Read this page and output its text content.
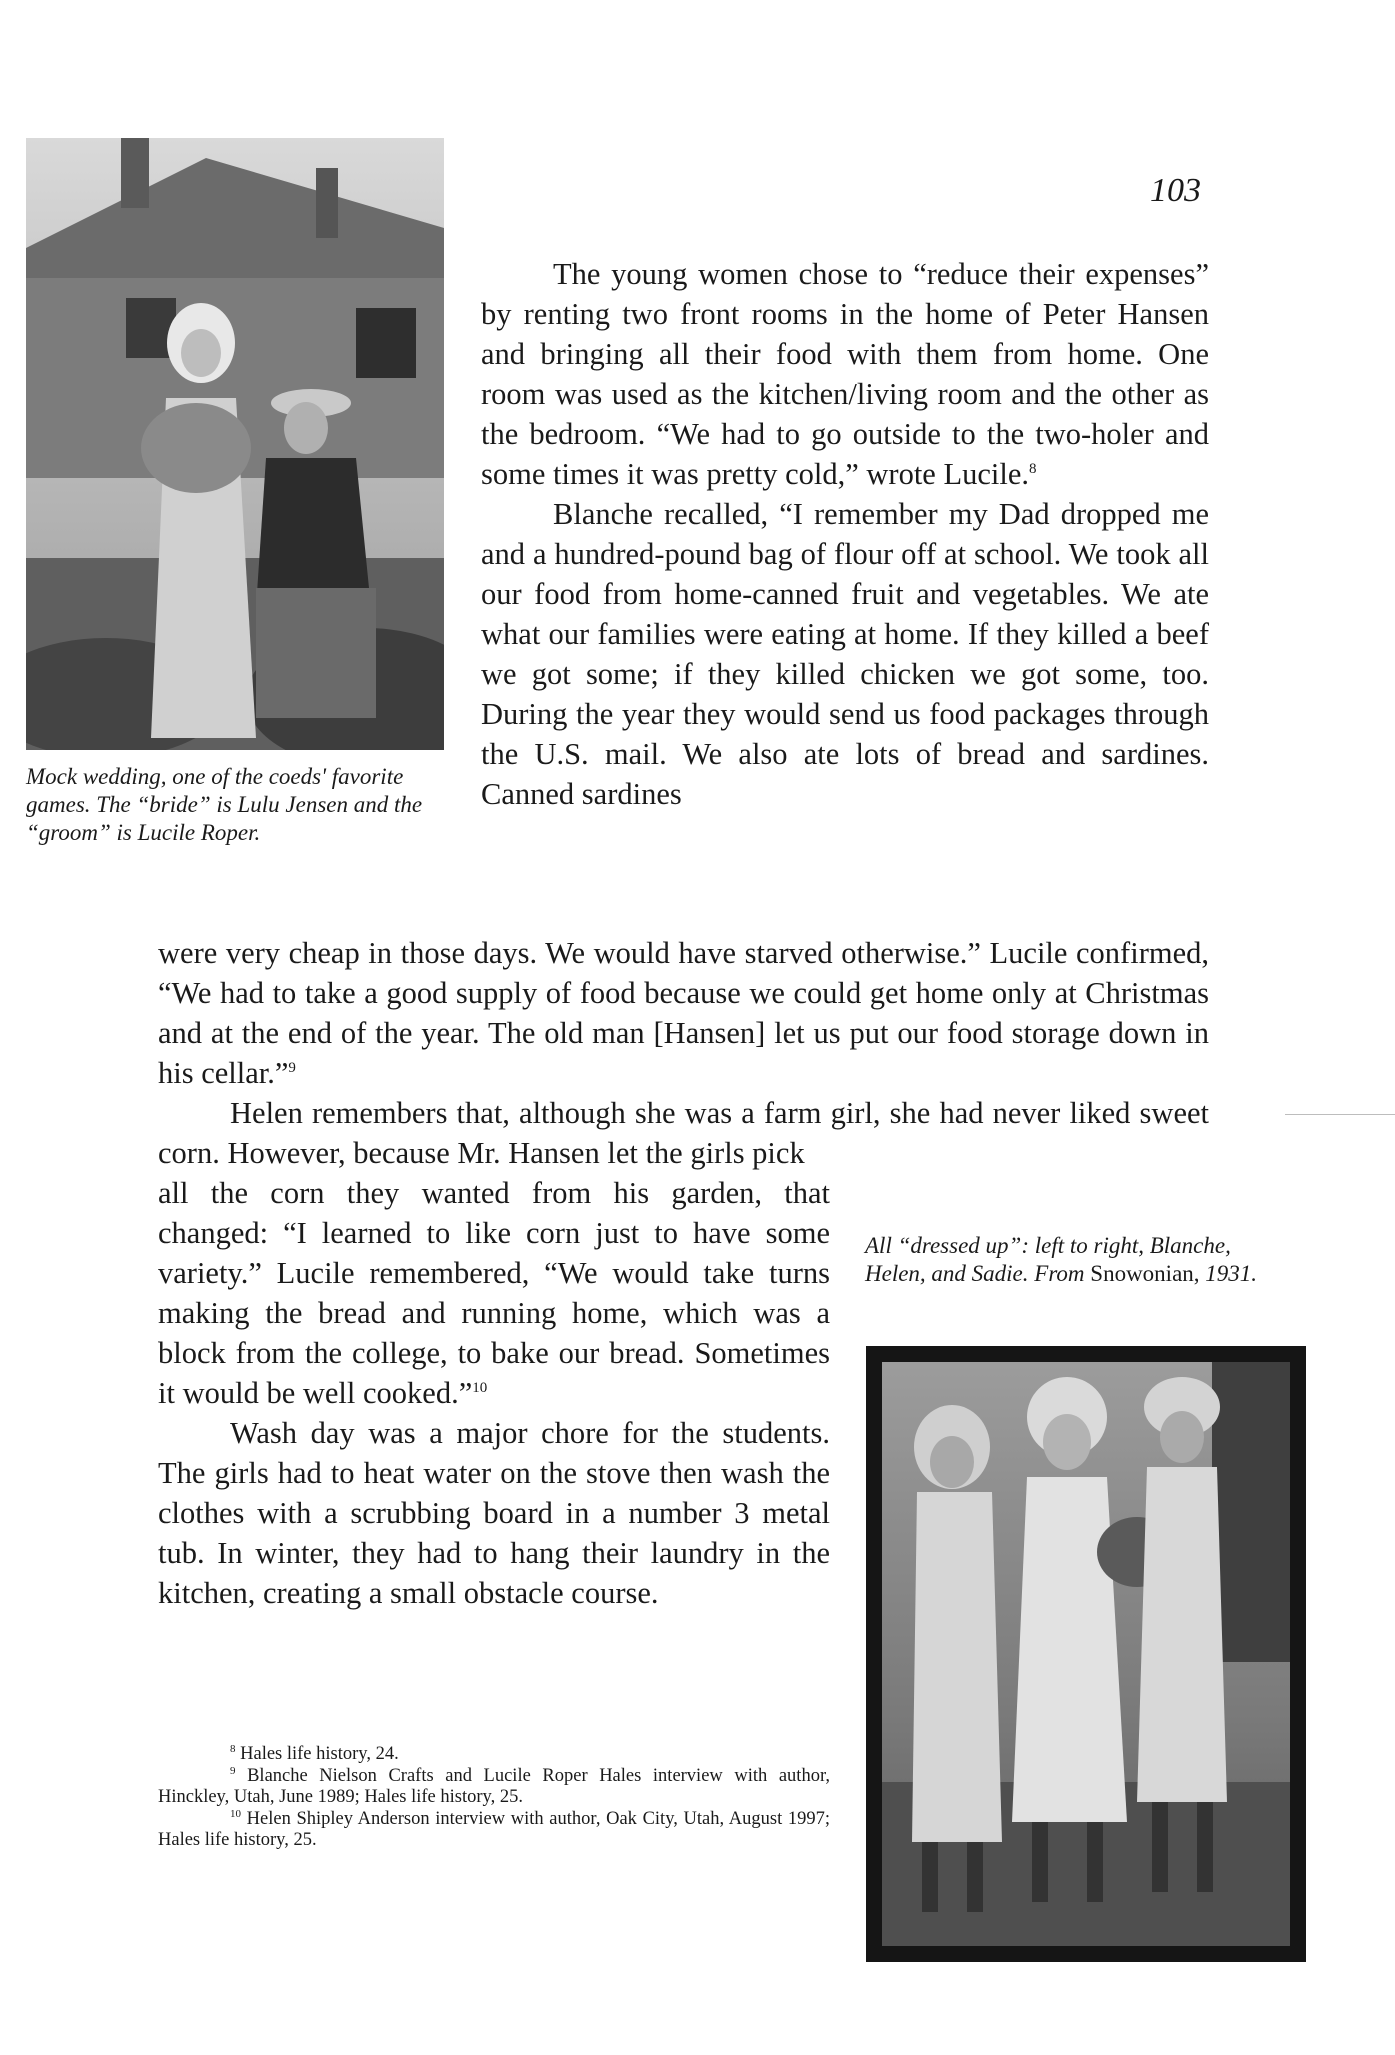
103
Mock wedding, one of the coeds' favorite games. The “bride” is Lulu Jensen and the “groom” is Lucile Roper.

The young women chose to “reduce their expenses” by renting two front rooms in the home of Peter Hansen and bringing all their food with them from home. One room was used as the kitchen/living room and the other as the bedroom. “We had to go outside to the two-holer and some times it was pretty cold,” wrote Lucile.$^8$

Blanche recalled, “I remember my Dad dropped me and a hundred-pound bag of flour off at school. We took all our food from home-canned fruit and vegetables. We ate what our families were eating at home. If they killed a beef we got some; if they killed chicken we got some, too. During the year they would send us food packages through the U.S. mail. We also ate lots of bread and sardines. Canned sardines

were very cheap in those days. We would have starved otherwise.” Lucile confirmed, “We had to take a good supply of food because we could get home only at Christmas and at the end of the year. The old man [Hansen] let us put our food storage down in his cellar.”$^9$

Helen remembers that, although she was a farm girl, she had never liked sweet corn. However, because Mr. Hansen let the girls pick

all the corn they wanted from his garden, that changed: “I learned to like corn just to have some variety.” Lucile remembered, “We would take turns making the bread and running home, which was a block from the college, to bake our bread. Sometimes it would be well cooked.”$^{10}$

Wash day was a major chore for the students. The girls had to heat water on the stove then wash the clothes with a scrubbing board in a number 3 metal tub. In winter, they had to hang their laundry in the kitchen, creating a small obstacle course.

All “dressed up”: left to right, Blanche, Helen, and Sadie. From Snowonian, 1931.

$^8$ Hales life history, 24.

$^9$ Blanche Nielson Crafts and Lucile Roper Hales interview with author, Hinckley, Utah, June 1989; Hales life history, 25.

$^{10}$ Helen Shipley Anderson interview with author, Oak City, Utah, August 1997; Hales life history, 25.
